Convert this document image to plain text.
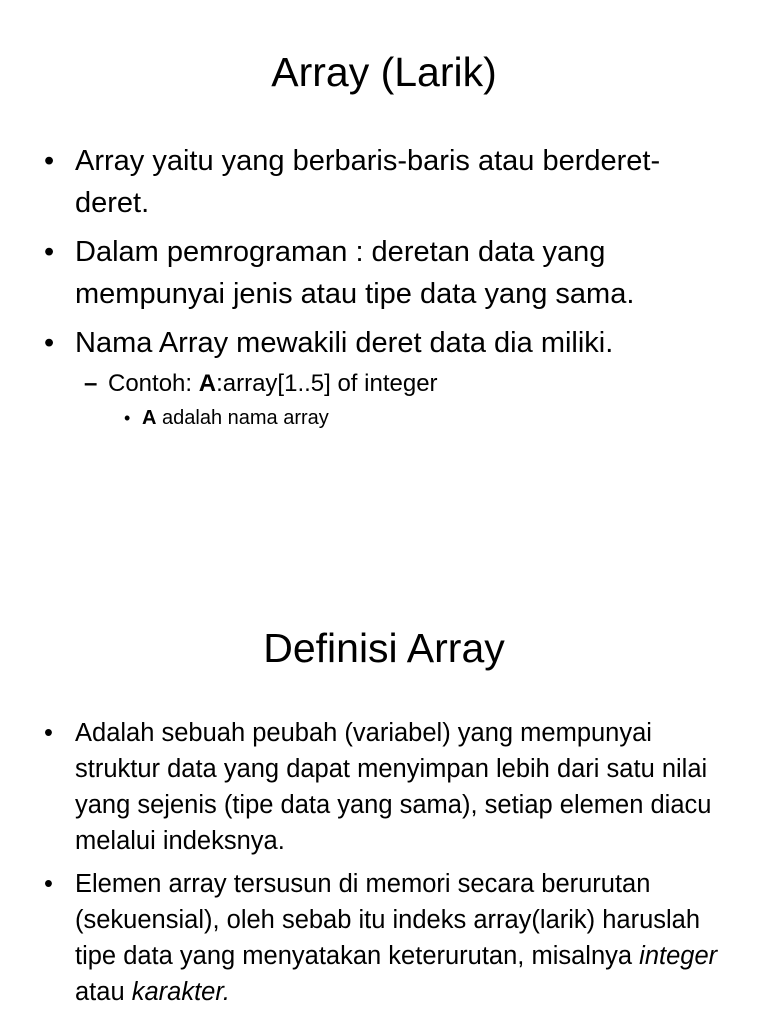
Array (Larik)
• Array yaitu yang berbaris-baris atau berderet-deret.
• Dalam pemrograman : deretan data yang mempunyai jenis atau tipe data yang sama.
• Nama Array mewakili deret data dia miliki.
– Contoh: A:array[1..5] of integer
• A adalah nama array
Definisi Array
• Adalah sebuah peubah (variabel) yang mempunyai struktur data yang dapat menyimpan lebih dari satu nilai yang sejenis (tipe data yang sama), setiap elemen diacu melalui indeksnya.
• Elemen array tersusun di memori secara berurutan (sekuensial), oleh sebab itu indeks array(larik) haruslah tipe data yang menyatakan keterurutan, misalnya integer atau karakter.
